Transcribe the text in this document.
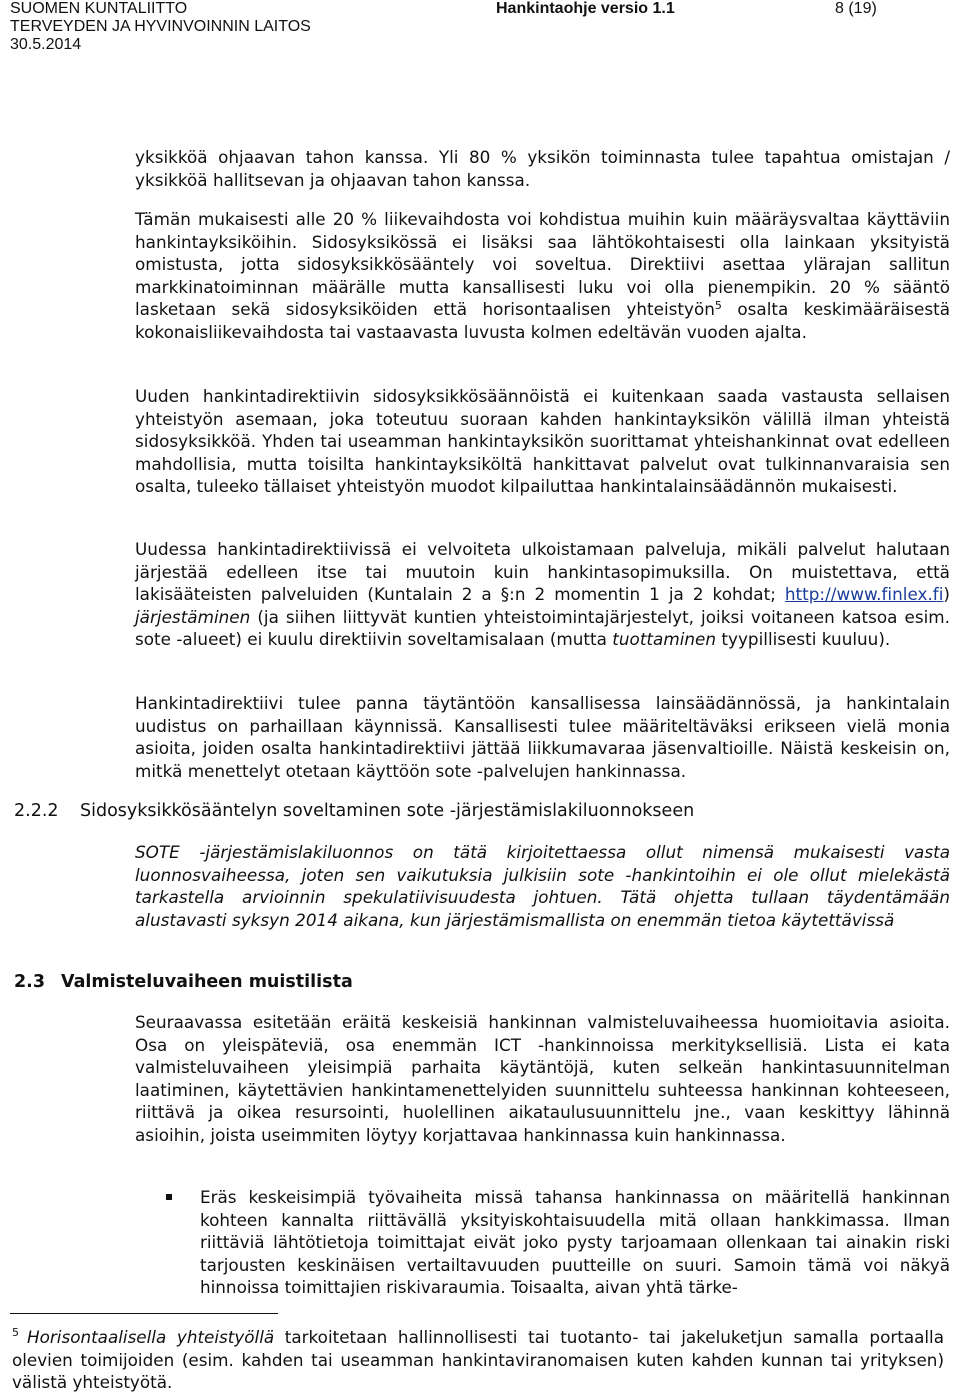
SUOMEN KUNTALIITTO
TERVEYDEN JA HYVINVOINNIN LAITOS
30.5.2014
Hankintaohje versio 1.1	8 (19)
yksikköä ohjaavan tahon kanssa. Yli 80 % yksikön toiminnasta tulee tapahtua omistajan / yksikköä hallitsevan ja ohjaavan tahon kanssa.
Tämän mukaisesti alle 20 % liikevaihdosta voi kohdistua muihin kuin määräysvaltaa käyttäviin hankintayksiköihin. Sidosyksikössä ei lisäksi saa lähtökohtaisesti olla lainkaan yksityistä omistusta, jotta sidosyksikkösääntely voi soveltua. Direktiivi asettaa ylärajan sallitun markkinatoiminnan määrälle mutta kansallisesti luku voi olla pienempikin. 20 % sääntö lasketaan sekä sidosyksiköiden että horisontaalisen yhteistyön$^5$ osalta keskimääräisestä kokonaisliikevaihdosta tai vastaavasta luvusta kolmen edeltävän vuoden ajalta.
Uuden hankintadirektiivin sidosyksikkösäännöistä ei kuitenkaan saada vastausta sellaisen yhteistyön asemaan, joka toteutuu suoraan kahden hankintayksikön välillä ilman yhteistä sidosyksikköä. Yhden tai useamman hankintayksikön suorittamat yhteishankinnat ovat edelleen mahdollisia, mutta toisilta hankintayksiköltä hankittavat palvelut ovat tulkinnanvaraisia sen osalta, tuleeko tällaiset yhteistyön muodot kilpailuttaa hankintalainsäädännön mukaisesti.
Uudessa hankintadirektiivissä ei velvoiteta ulkoistamaan palveluja, mikäli palvelut halutaan järjestää edelleen itse tai muutoin kuin hankintasopimuksilla. On muistettava, että lakisääteisten palveluiden (Kuntalain 2 a §:n 2 momentin 1 ja 2 kohdat; http://www.finlex.fi) järjestäminen (ja siihen liittyvät kuntien yhteistoimintajärjestelyt, joiksi voitaneen katsoa esim. sote -alueet) ei kuulu direktiivin soveltamisalaan (mutta tuottaminen tyypillisesti kuuluu).
Hankintadirektiivi tulee panna täytäntöön kansallisessa lainsäädännössä, ja hankintalain uudistus on parhaillaan käynnissä. Kansallisesti tulee määriteltäväksi erikseen vielä monia asioita, joiden osalta hankintadirektiivi jättää liikkumavaraa jäsenvaltioille. Näistä keskeisin on, mitkä menettelyt otetaan käyttöön sote -palvelujen hankinnassa.
2.2.2 Sidosyksikkösääntelyn soveltaminen sote -järjestämislakiluonnokseen
SOTE -järjestämislakiluonnos on tätä kirjoitettaessa ollut nimensä mukaisesti vasta luonnosvaiheessa, joten sen vaikutuksia julkisiin sote -hankintoihin ei ole ollut mielekästä tarkastella arvioinnin spekulatiivisuudesta johtuen. Tätä ohjetta tullaan täydentämään alustavasti syksyn 2014 aikana, kun järjestämismallista on enemmän tietoa käytettävissä
2.3 Valmisteluvaiheen muistilista
Seuraavassa esitetään eräitä keskeisiä hankinnan valmisteluvaiheessa huomioitavia asioita. Osa on yleispäteviä, osa enemmän ICT -hankinnoissa merkityksellisiä. Lista ei kata valmisteluvaiheen yleisimpiä parhaita käytäntöjä, kuten selkeän hankintasuunnitelman laatiminen, käytettävien hankintamenettelyiden suunnittelu suhteessa hankinnan kohteeseen, riittävä ja oikea resursointi, huolellinen aikataulusuunnittelu jne., vaan keskittyy lähinnä asioihin, joista useimmiten löytyy korjattavaa hankinnassa kuin hankinnassa.
Eräs keskeisimpiä työvaiheita missä tahansa hankinnassa on määritellä hankinnan kohteen kannalta riittävällä yksityiskohtaisuudella mitä ollaan hankkimassa. Ilman riittäviä lähtötietoja toimittajat eivät joko pysty tarjoamaan ollenkaan tai ainakin riski tarjousten keskinäisen vertailtavuuden puutteille on suuri. Samoin tämä voi näkyä hinnoissa toimittajien riskivaraumia. Toisaalta, aivan yhtä tärke-
$^5$ Horisontaalisella yhteistyöllä tarkoitetaan hallinnollisesti tai tuotanto- tai jakeluketjun samalla portaalla olevien toimijoiden (esim. kahden tai useamman hankintaviranomaisen kuten kahden kunnan tai yrityksen) välistä yhteistyötä.
